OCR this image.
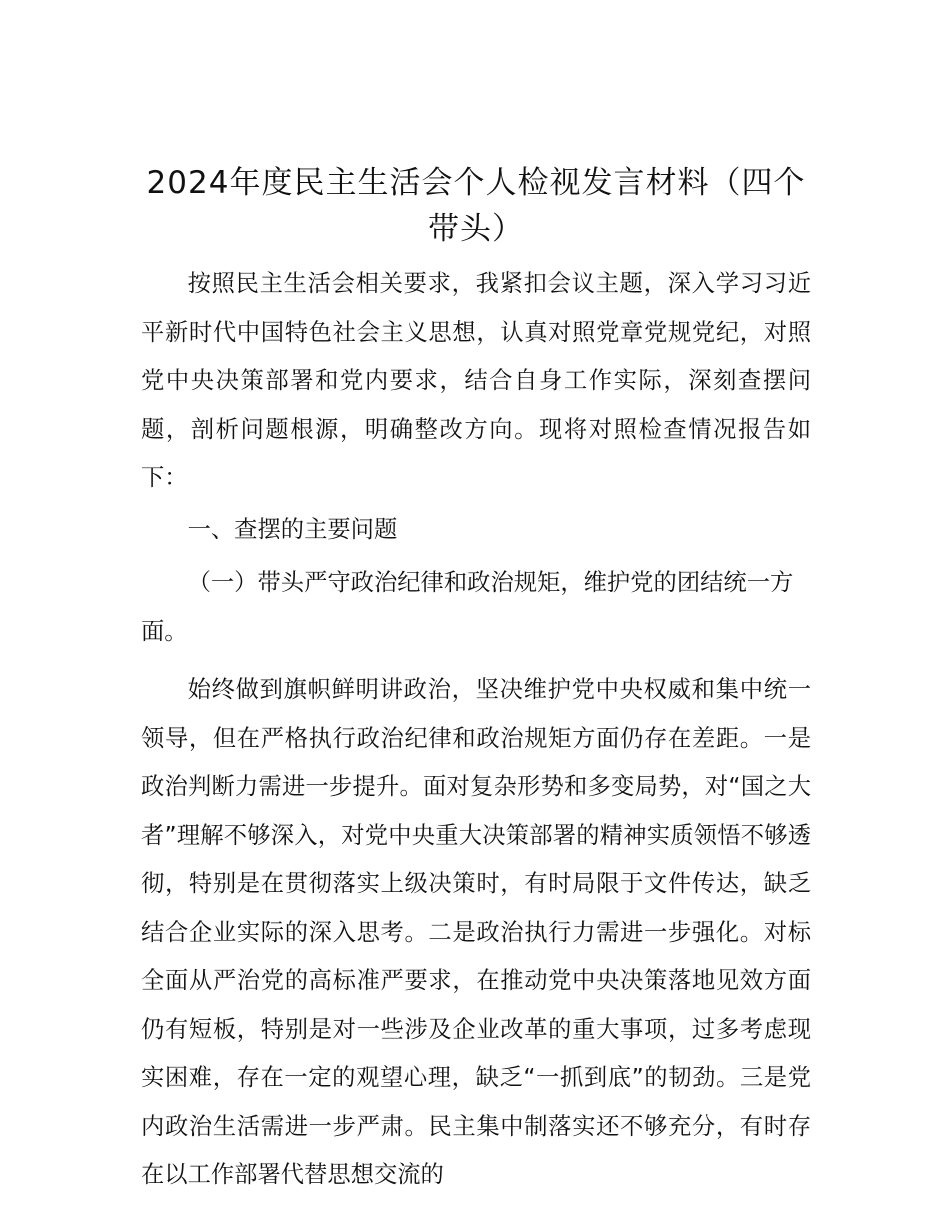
2024年度民主生活会个人检视发言材料（四个带头）

按照民主生活会相关要求，我紧扣会议主题，深入学习习近平新时代中国特色社会主义思想，认真对照党章党规党纪，对照党中央决策部署和党内要求，结合自身工作实际，深刻查摆问题，剖析问题根源，明确整改方向。现将对照检查情况报告如下：

一、查摆的主要问题

（一）带头严守政治纪律和政治规矩，维护党的团结统一方面。

始终做到旗帜鲜明讲政治，坚决维护党中央权威和集中统一领导，但在严格执行政治纪律和政治规矩方面仍存在差距。一是政治判断力需进一步提升。面对复杂形势和多变局势，对“国之大者”理解不够深入，对党中央重大决策部署的精神实质领悟不够透彻，特别是在贯彻落实上级决策时，有时局限于文件传达，缺乏结合企业实际的深入思考。二是政治执行力需进一步强化。对标全面从严治党的高标准严要求，在推动党中央决策落地见效方面仍有短板，特别是对一些涉及企业改革的重大事项，过多考虑现实困难，存在一定的观望心理，缺乏“一抓到底”的韧劲。三是党内政治生活需进一步严肃。民主集中制落实还不够充分，有时存在以工作部署代替思想交流的
